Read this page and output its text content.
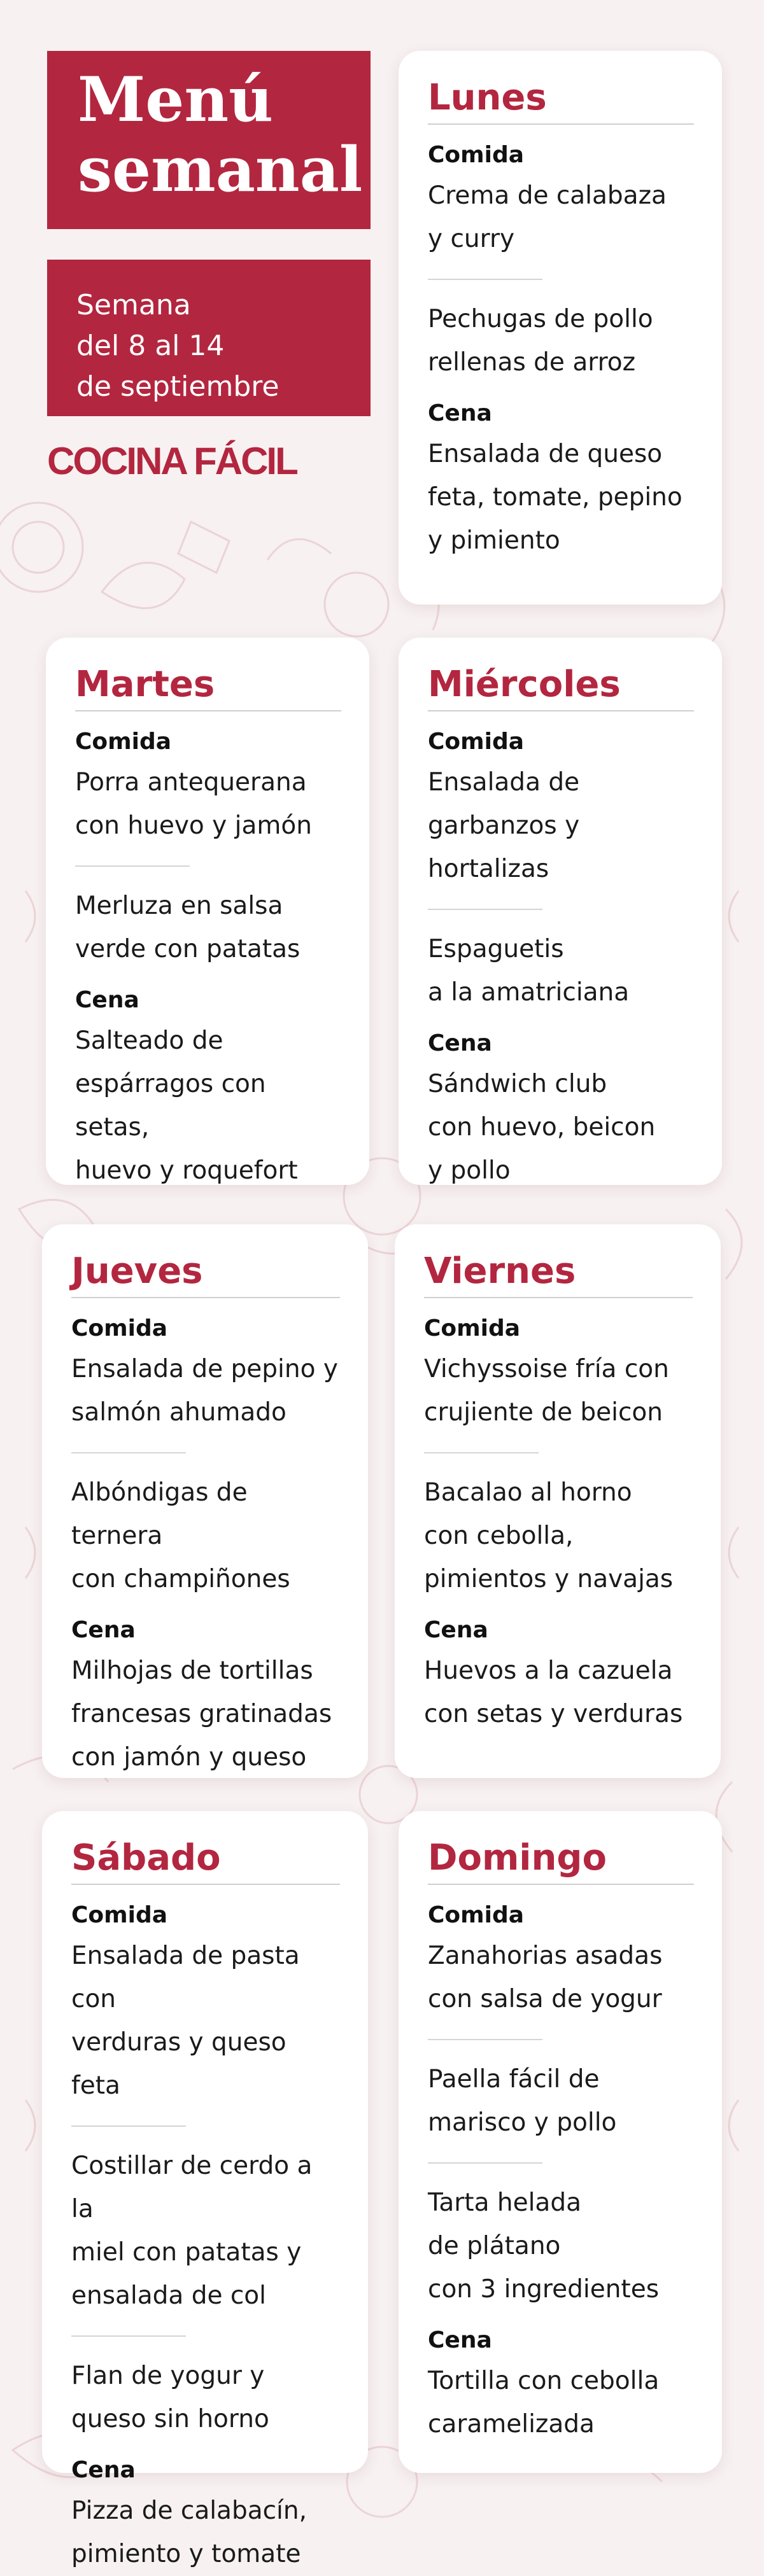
Menú

semanal

Semana

del 8 al 14

de septiembre

COCINA FÁCIL
Lunes

Comida

Crema de calabaza

y curry

Pechugas de pollo

rellenas de arroz

Cena

Ensalada de queso

feta, tomate, pepino

y pimiento

Martes

Comida

Porra antequerana

con huevo y jamón

Merluza en salsa

verde con patatas

Cena

Salteado de

espárragos con setas,

huevo y roquefort

Miércoles

Comida

Ensalada de

garbanzos y hortalizas

Espaguetis

a la amatriciana

Cena

Sándwich club

con huevo, beicon

y pollo

Jueves

Comida

Ensalada de pepino y

salmón ahumado

Albóndigas de ternera

con champiñones

Cena

Milhojas de tortillas

francesas gratinadas

con jamón y queso

Viernes

Comida

Vichyssoise fría con

crujiente de beicon

Bacalao al horno

con cebolla,

pimientos y navajas

Cena

Huevos a la cazuela

con setas y verduras

Sábado

Comida

Ensalada de pasta con

verduras y queso feta

Costillar de cerdo a la

miel con patatas y

ensalada de col

Flan de yogur y

queso sin horno

Cena

Pizza de calabacín,

pimiento y tomate

Domingo

Comida

Zanahorias asadas

con salsa de yogur

Paella fácil de

marisco y pollo

Tarta helada

de plátano

con 3 ingredientes

Cena

Tortilla con cebolla

caramelizada
